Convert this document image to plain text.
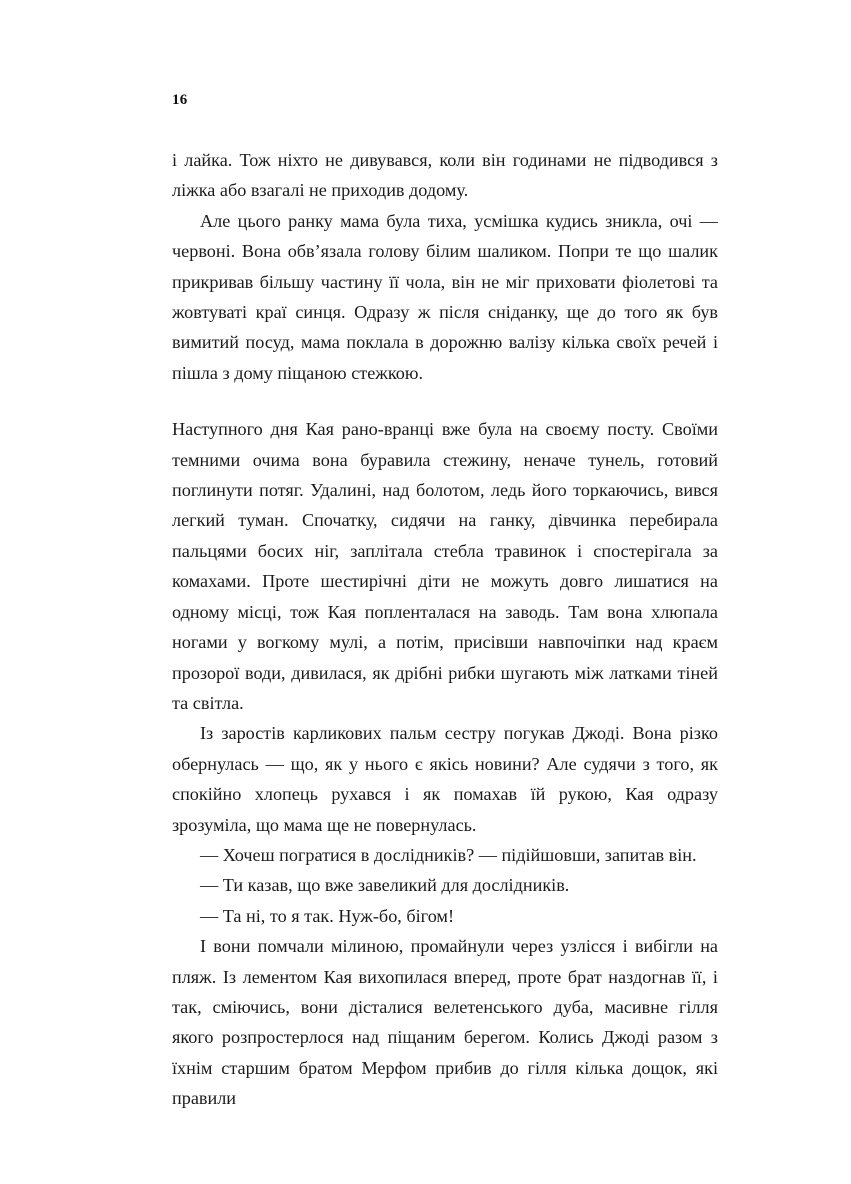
16

і лайка. Тож ніхто не дивувався, коли він годинами не підводився з ліжка або взагалі не приходив додому.

Але цього ранку мама була тиха, усмішка кудись зникла, очі — червоні. Вона обв’язала голову білим шаликом. Попри те що шалик прикривав більшу частину її чола, він не міг приховати фіолетові та жовтуваті краї синця. Одразу ж після сніданку, ще до того як був вимитий посуд, мама поклала в дорожню валізу кілька своїх речей і пішла з дому піщаною стежкою.

Наступного дня Кая рано-вранці вже була на своєму посту. Своїми темними очима вона буравила стежину, неначе тунель, готовий поглинути потяг. Удалині, над болотом, ледь його торкаючись, вився легкий туман. Спочатку, сидячи на ганку, дівчинка перебирала пальцями босих ніг, заплітала стебла травинок і спостерігала за комахами. Проте шестирічні діти не можуть довго лишатися на одному місці, тож Кая попленталася на заводь. Там вона хлюпала ногами у вогкому мулі, а потім, присівши навпочіпки над краєм прозорої води, дивилася, як дрібні рибки шугають між латками тіней та світла.

Із заростів карликових пальм сестру погукав Джоді. Вона різко обернулась — що, як у нього є якісь новини? Але судячи з того, як спокійно хлопець рухався і як помахав їй рукою, Кая одразу зрозуміла, що мама ще не повернулась.

— Хочеш погратися в дослідників? — підійшовши, запитав він.

— Ти казав, що вже завеликий для дослідників.

— Та ні, то я так. Нуж-бо, бігом!

І вони помчали мілиною, промайнули через узлісся і вибігли на пляж. Із лементом Кая вихопилася вперед, проте брат наздогнав її, і так, сміючись, вони дісталися велетенського дуба, масивне гілля якого розпростерлося над піщаним берегом. Колись Джоді разом з їхнім старшим братом Мерфом прибив до гілля кілька дощок, які правили
